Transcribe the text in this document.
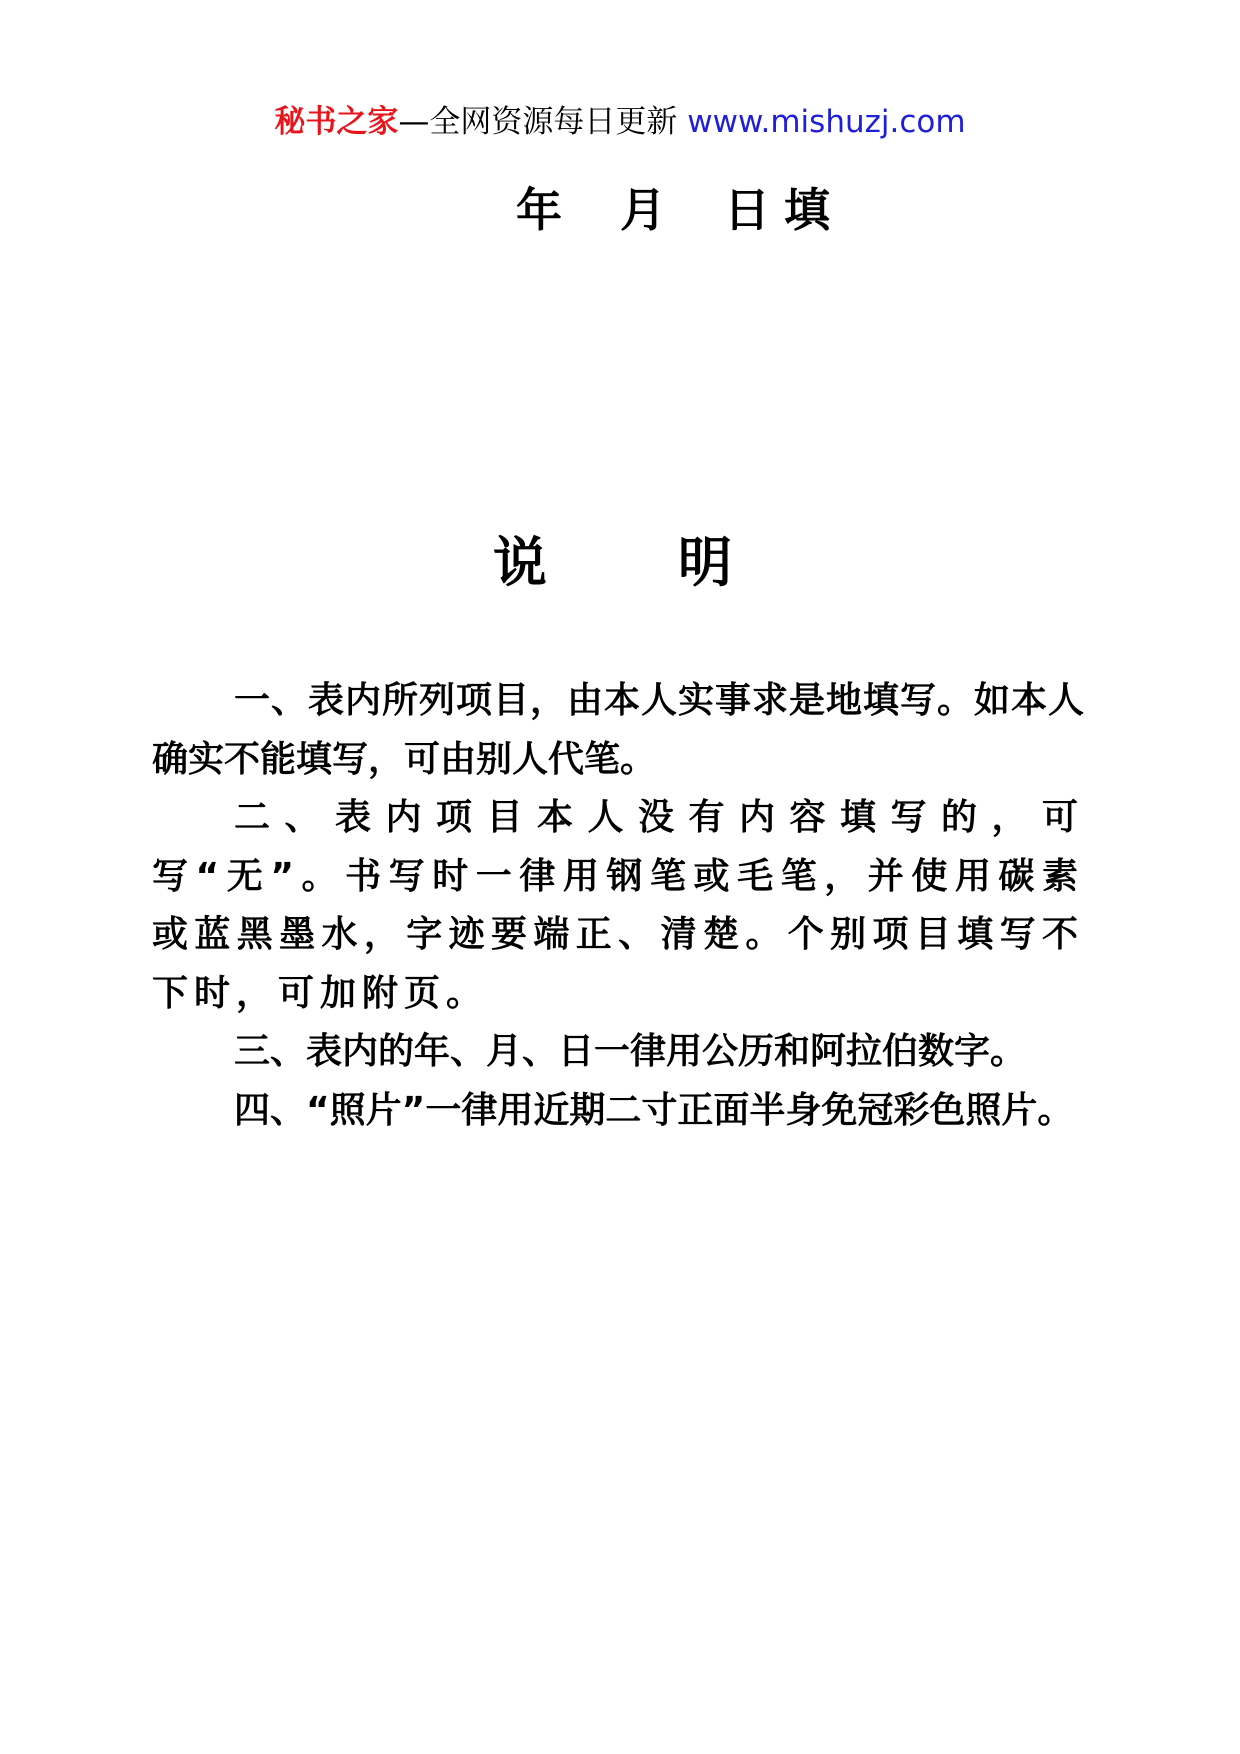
秘书之家—全网资源每日更新 www.mishuzj.com
年 月 日 填
说 明

一、表内所列项目，由本人实事求是地填写。如本人确实不能填写，可由别人代笔。

二、表内项目本人没有内容填写的，可写“无”。书写时一律用钢笔或毛笔，并使用碳素或蓝黑墨水，字迹要端正、清楚。个别项目填写不下时，可加附页。

三、表内的年、月、日一律用公历和阿拉伯数字。

四、“照片”一律用近期二寸正面半身免冠彩色照片。
